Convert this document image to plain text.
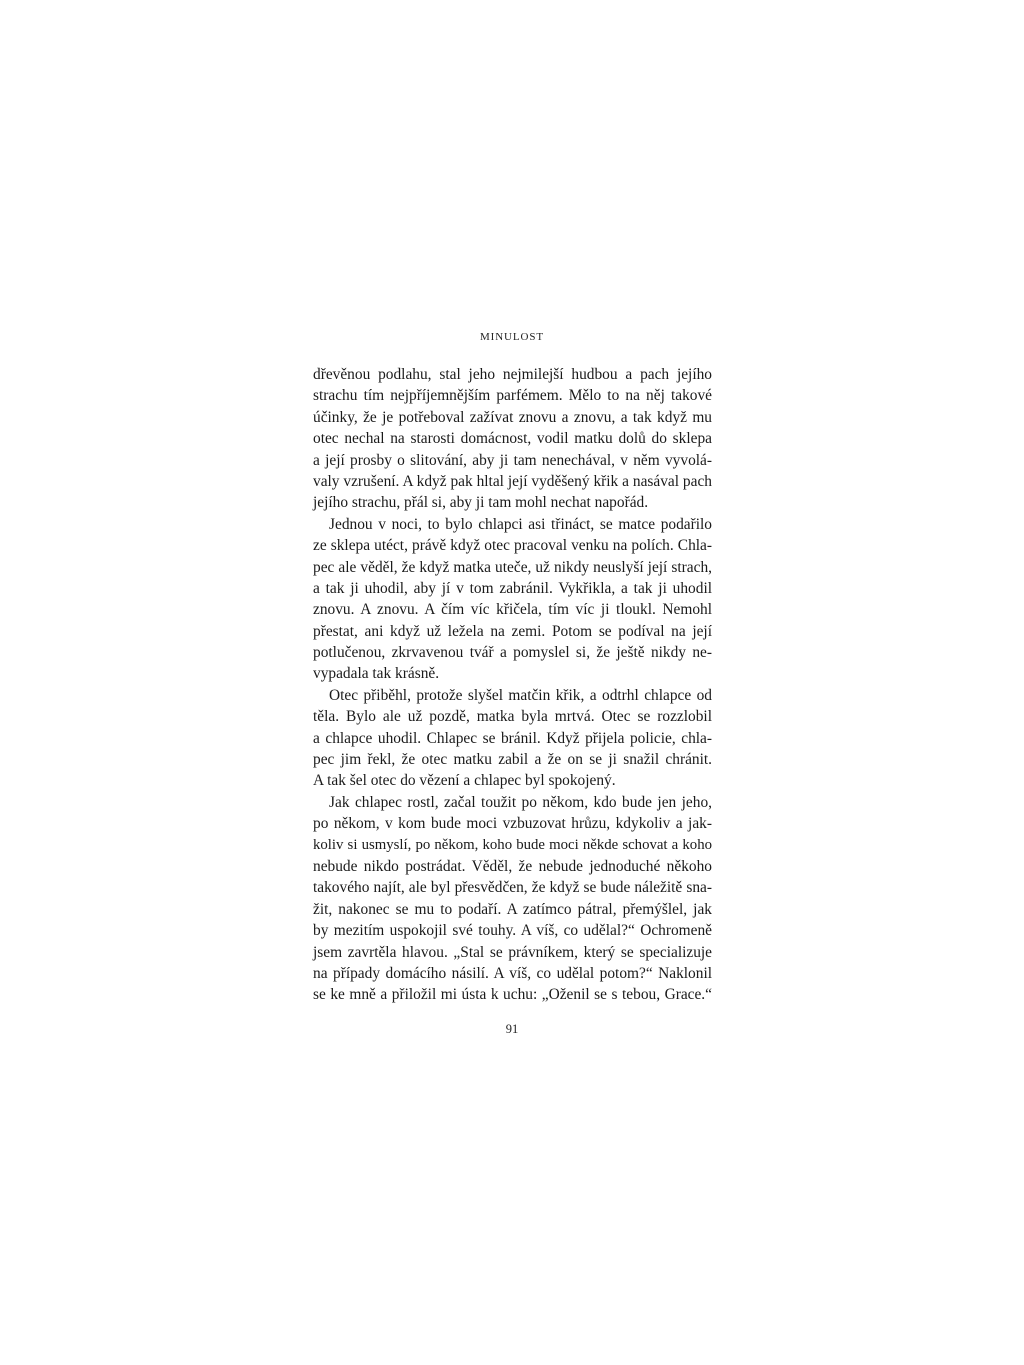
MINULOST
dřevěnou podlahu, stal jeho nejmilejší hudbou a pach jejího
strachu tím nejpříjemnějším parfémem. Mělo to na něj takové
účinky, že je potřeboval zažívat znovu a znovu, a tak když mu
otec nechal na starosti domácnost, vodil matku dolů do sklepa
a její prosby o slitování, aby ji tam nenechával, v něm vyvolá-
valy vzrušení. A když pak hltal její vyděšený křik a nasával pach
jejího strachu, přál si, aby ji tam mohl nechat napořád.
Jednou v noci, to bylo chlapci asi třináct, se matce podařilo
ze sklepa utéct, právě když otec pracoval venku na polích. Chla-
pec ale věděl, že když matka uteče, už nikdy neuslyší její strach,
a tak ji uhodil, aby jí v tom zabránil. Vykřikla, a tak ji uhodil
znovu. A znovu. A čím víc křičela, tím víc ji tloukl. Nemohl
přestat, ani když už ležela na zemi. Potom se podíval na její
potlučenou, zkrvavenou tvář a pomyslel si, že ještě nikdy ne-
vypadala tak krásně.
Otec přiběhl, protože slyšel matčin křik, a odtrhl chlapce od
těla. Bylo ale už pozdě, matka byla mrtvá. Otec se rozzlobil
a chlapce uhodil. Chlapec se bránil. Když přijela policie, chla-
pec jim řekl, že otec matku zabil a že on se ji snažil chránit.
A tak šel otec do vězení a chlapec byl spokojený.
Jak chlapec rostl, začal toužit po někom, kdo bude jen jeho,
po někom, v kom bude moci vzbuzovat hrůzu, kdykoliv a jak-
koliv si usmyslí, po někom, koho bude moci někde schovat a koho
nebude nikdo postrádat. Věděl, že nebude jednoduché někoho
takového najít, ale byl přesvědčen, že když se bude náležitě sna-
žit, nakonec se mu to podaří. A zatímco pátral, přemýšlel, jak
by mezitím uspokojil své touhy. A víš, co udělal?“ Ochromeně
jsem zavrtěla hlavou. „Stal se právníkem, který se specializuje
na případy domácího násilí. A víš, co udělal potom?“ Naklonil
se ke mně a přiložil mi ústa k uchu: „Oženil se s tebou, Grace.“
91
